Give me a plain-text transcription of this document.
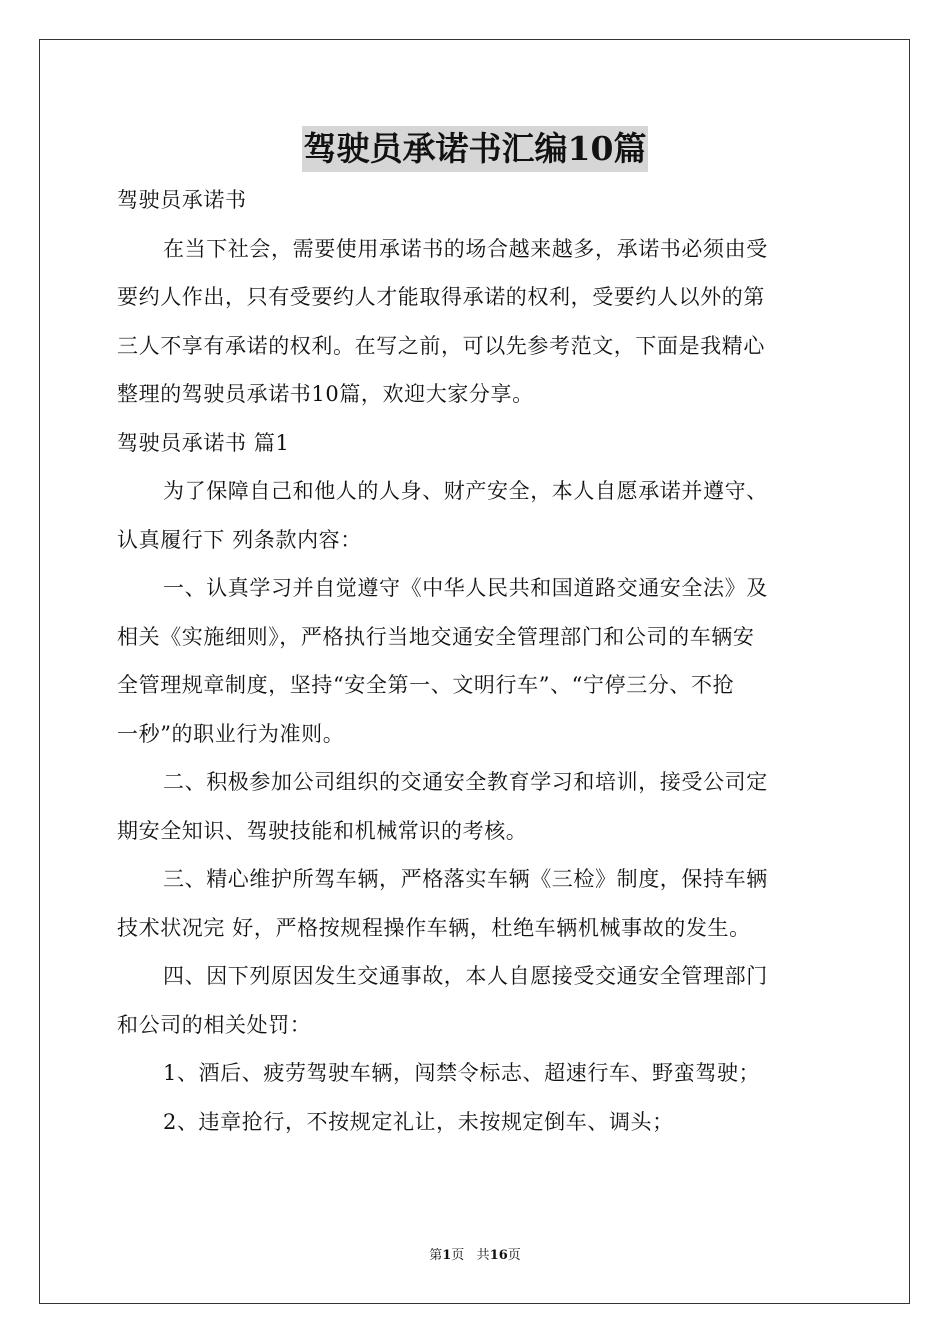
驾驶员承诺书汇编10篇
驾驶员承诺书
在当下社会，需要使用承诺书的场合越来越多，承诺书必须由受
要约人作出，只有受要约人才能取得承诺的权利，受要约人以外的第
三人不享有承诺的权利。在写之前，可以先参考范文，下面是我精心
整理的驾驶员承诺书10篇，欢迎大家分享。
驾驶员承诺书 篇1
为了保障自己和他人的人身、财产安全，本人自愿承诺并遵守、
认真履行下 列条款内容：
一、认真学习并自觉遵守《中华人民共和国道路交通安全法》及
相关《实施细则》，严格执行当地交通安全管理部门和公司的车辆安
全管理规章制度，坚持“安全第一、文明行车”、“宁停三分、不抢
一秒”的职业行为准则。
二、积极参加公司组织的交通安全教育学习和培训，接受公司定
期安全知识、驾驶技能和机械常识的考核。
三、精心维护所驾车辆，严格落实车辆《三检》制度，保持车辆
技术状况完 好，严格按规程操作车辆，杜绝车辆机械事故的发生。
四、因下列原因发生交通事故，本人自愿接受交通安全管理部门
和公司的相关处罚：
1、酒后、疲劳驾驶车辆，闯禁令标志、超速行车、野蛮驾驶；
2、违章抢行，不按规定礼让，未按规定倒车、调头；
第1页 共16页
